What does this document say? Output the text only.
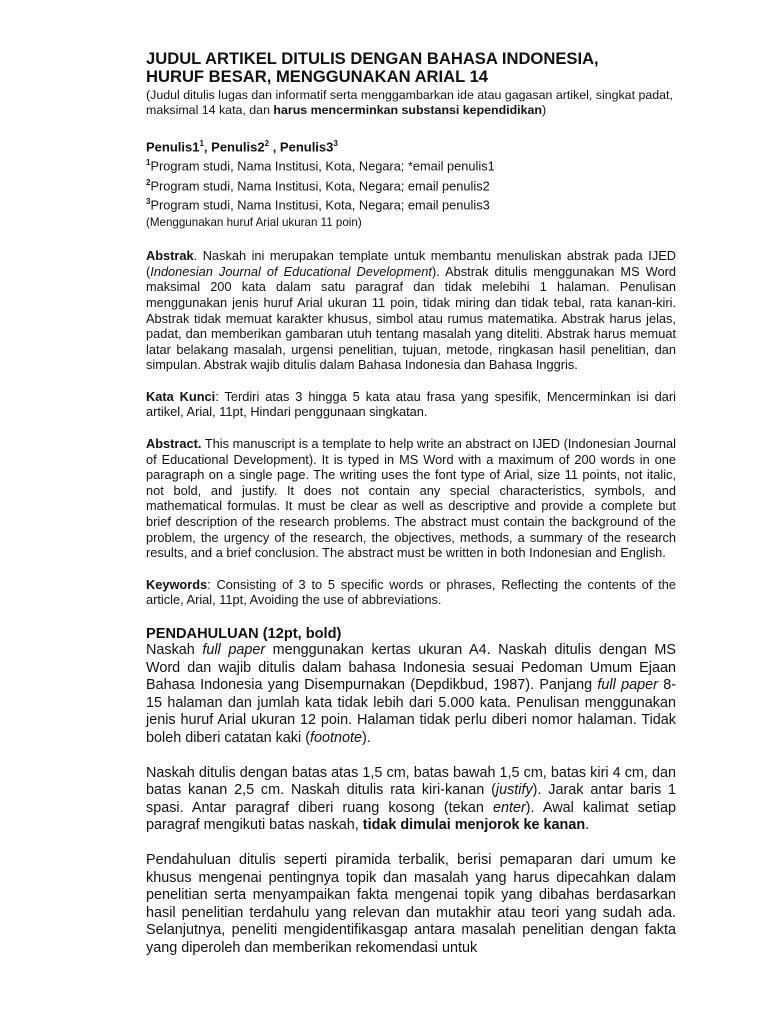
JUDUL ARTIKEL DITULIS DENGAN BAHASA INDONESIA,
HURUF BESAR, MENGGUNAKAN ARIAL 14

(Judul ditulis lugas dan informatif serta menggambarkan ide atau gagasan artikel, singkat padat, maksimal 14 kata, dan harus mencerminkan substansi kependidikan)

$Penulis1^1$, $Penulis2^2$ , $Penulis3^3$

$^1$Program studi, Nama Institusi, Kota, Negara; *email penulis1

$^2$Program studi, Nama Institusi, Kota, Negara; email penulis2

$^3$Program studi, Nama Institusi, Kota, Negara; email penulis3

(Menggunakan huruf Arial ukuran 11 poin)

Abstrak. Naskah ini merupakan template untuk membantu menuliskan abstrak pada IJED (Indonesian Journal of Educational Development). Abstrak ditulis menggunakan MS Word maksimal 200 kata dalam satu paragraf dan tidak melebihi 1 halaman. Penulisan menggunakan jenis huruf Arial ukuran 11 poin, tidak miring dan tidak tebal, rata kanan-kiri. Abstrak tidak memuat karakter khusus, simbol atau rumus matematika. Abstrak harus jelas, padat, dan memberikan gambaran utuh tentang masalah yang diteliti. Abstrak harus memuat latar belakang masalah, urgensi penelitian, tujuan, metode, ringkasan hasil penelitian, dan simpulan. Abstrak wajib ditulis dalam Bahasa Indonesia dan Bahasa Inggris.

Kata Kunci: Terdiri atas 3 hingga 5 kata atau frasa yang spesifik, Mencerminkan isi dari artikel, Arial, 11pt, Hindari penggunaan singkatan.

Abstract. This manuscript is a template to help write an abstract on IJED (Indonesian Journal of Educational Development). It is typed in MS Word with a maximum of 200 words in one paragraph on a single page. The writing uses the font type of Arial, size 11 points, not italic, not bold, and justify. It does not contain any special characteristics, symbols, and mathematical formulas. It must be clear as well as descriptive and provide a complete but brief description of the research problems. The abstract must contain the background of the problem, the urgency of the research, the objectives, methods, a summary of the research results, and a brief conclusion. The abstract must be written in both Indonesian and English.

Keywords: Consisting of 3 to 5 specific words or phrases, Reflecting the contents of the article, Arial, 11pt, Avoiding the use of abbreviations.

PENDAHULUAN (12pt, bold)

Naskah full paper menggunakan kertas ukuran A4. Naskah ditulis dengan MS Word dan wajib ditulis dalam bahasa Indonesia sesuai Pedoman Umum Ejaan Bahasa Indonesia yang Disempurnakan (Depdikbud, 1987). Panjang full paper 8-15 halaman dan jumlah kata tidak lebih dari 5.000 kata. Penulisan menggunakan jenis huruf Arial ukuran 12 poin. Halaman tidak perlu diberi nomor halaman. Tidak boleh diberi catatan kaki (footnote).

Naskah ditulis dengan batas atas 1,5 cm, batas bawah 1,5 cm, batas kiri 4 cm, dan batas kanan 2,5 cm. Naskah ditulis rata kiri-kanan (justify). Jarak antar baris 1 spasi. Antar paragraf diberi ruang kosong (tekan enter). Awal kalimat setiap paragraf mengikuti batas naskah, tidak dimulai menjorok ke kanan.

Pendahuluan ditulis seperti piramida terbalik, berisi pemaparan dari umum ke khusus mengenai pentingnya topik dan masalah yang harus dipecahkan dalam penelitian serta menyampaikan fakta mengenai topik yang dibahas berdasarkan hasil penelitian terdahulu yang relevan dan mutakhir atau teori yang sudah ada. Selanjutnya, peneliti mengidentifikasgap antara masalah penelitian dengan fakta yang diperoleh dan memberikan rekomendasi untuk
